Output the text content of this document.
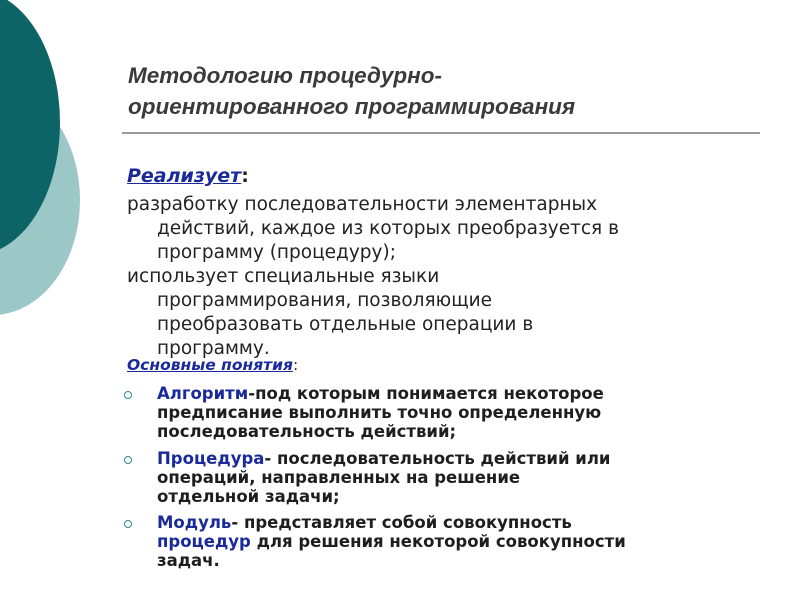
Методологию процедурно-
ориентированного программирования
Реализует:
разработку последовательности элементарных
действий, каждое из которых преобразуется в
программу (процедуру);
использует специальные языки
программирования, позволяющие
преобразовать отдельные операции в
программу.
Основные понятия:
Алгоритм-под которым понимается некоторое
предписание выполнить точно определенную
последовательность действий;
Процедура- последовательность действий или
операций, направленных на решение
отдельной задачи;
Модуль- представляет собой совокупность
процедур для решения некоторой совокупности
задач.
